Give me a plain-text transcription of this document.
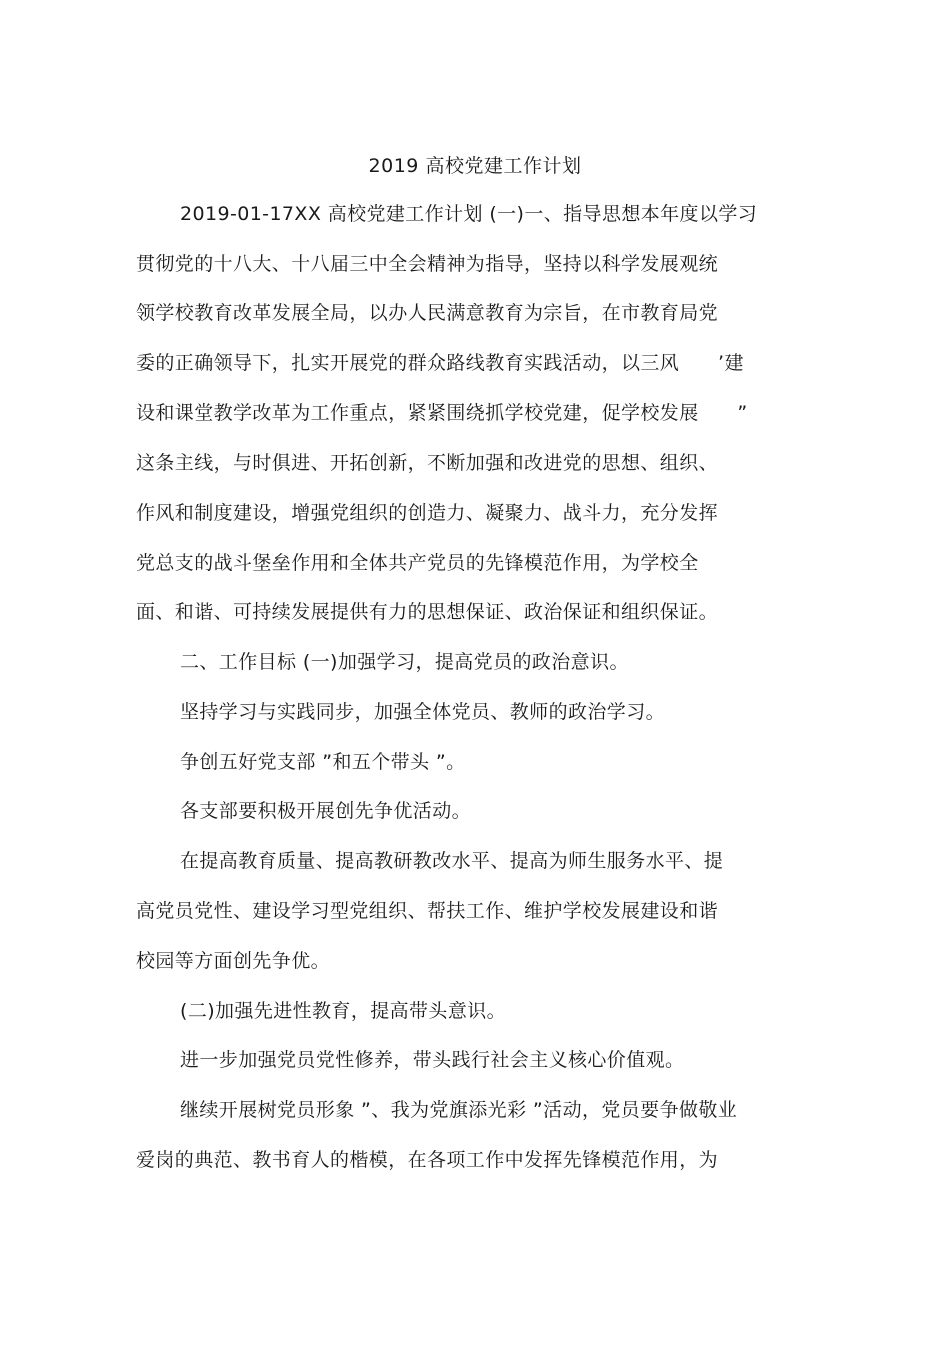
2019 高校党建工作计划
2019-01-17XX 高校党建工作计划 (一)一、指导思想本年度以学习
贯彻党的十八大、十八届三中全会精神为指导，坚持以科学发展观统
领学校教育改革发展全局，以办人民满意教育为宗旨，在市教育局党
委的正确领导下，扎实开展党的群众路线教育实践活动，以三风　　’建
设和课堂教学改革为工作重点，紧紧围绕抓学校党建，促学校发展　　”
这条主线，与时俱进、开拓创新，不断加强和改进党的思想、组织、
作风和制度建设，增强党组织的创造力、凝聚力、战斗力，充分发挥
党总支的战斗堡垒作用和全体共产党员的先锋模范作用，为学校全
面、和谐、可持续发展提供有力的思想保证、政治保证和组织保证。
二、工作目标 (一)加强学习，提高党员的政治意识。
坚持学习与实践同步，加强全体党员、教师的政治学习。
争创五好党支部 ”和五个带头 ”。
各支部要积极开展创先争优活动。
在提高教育质量、提高教研教改水平、提高为师生服务水平、提
高党员党性、建设学习型党组织、帮扶工作、维护学校发展建设和谐
校园等方面创先争优。
(二)加强先进性教育，提高带头意识。
进一步加强党员党性修养，带头践行社会主义核心价值观。
继续开展树党员形象 ”、我为党旗添光彩 ”活动，党员要争做敬业
爱岗的典范、教书育人的楷模，在各项工作中发挥先锋模范作用，为
